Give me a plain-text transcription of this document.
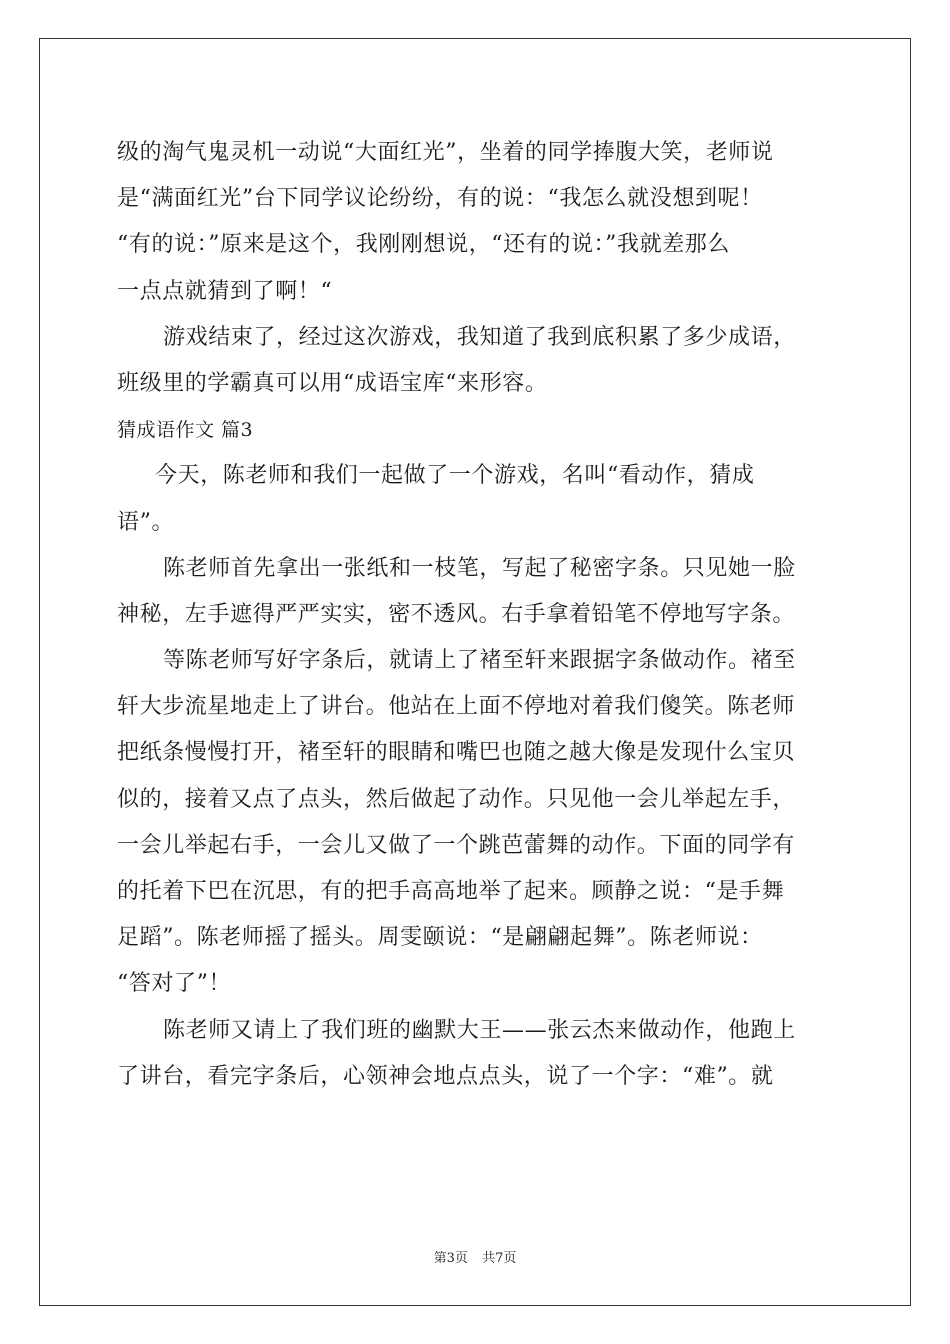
级的淘气鬼灵机一动说“大面红光”，坐着的同学捧腹大笑，老师说
是“满面红光”台下同学议论纷纷，有的说：“我怎么就没想到呢！
“有的说：”原来是这个，我刚刚想说，“还有的说：”我就差那么
一点点就猜到了啊！“
游戏结束了，经过这次游戏，我知道了我到底积累了多少成语，
班级里的学霸真可以用“成语宝库“来形容。
猜成语作文 篇3
今天，陈老师和我们一起做了一个游戏，名叫“看动作，猜成
语”。
陈老师首先拿出一张纸和一枝笔，写起了秘密字条。只见她一脸
神秘，左手遮得严严实实，密不透风。右手拿着铅笔不停地写字条。
等陈老师写好字条后，就请上了褚至轩来跟据字条做动作。褚至
轩大步流星地走上了讲台。他站在上面不停地对着我们傻笑。陈老师
把纸条慢慢打开，褚至轩的眼睛和嘴巴也随之越大像是发现什么宝贝
似的，接着又点了点头，然后做起了动作。只见他一会儿举起左手，
一会儿举起右手，一会儿又做了一个跳芭蕾舞的动作。下面的同学有
的托着下巴在沉思，有的把手高高地举了起来。顾静之说：“是手舞
足蹈”。陈老师摇了摇头。周雯颐说：“是翩翩起舞”。陈老师说：
“答对了”！
陈老师又请上了我们班的幽默大王——张云杰来做动作，他跑上
了讲台，看完字条后，心领神会地点点头，说了一个字：“难”。就
第3页 共7页
